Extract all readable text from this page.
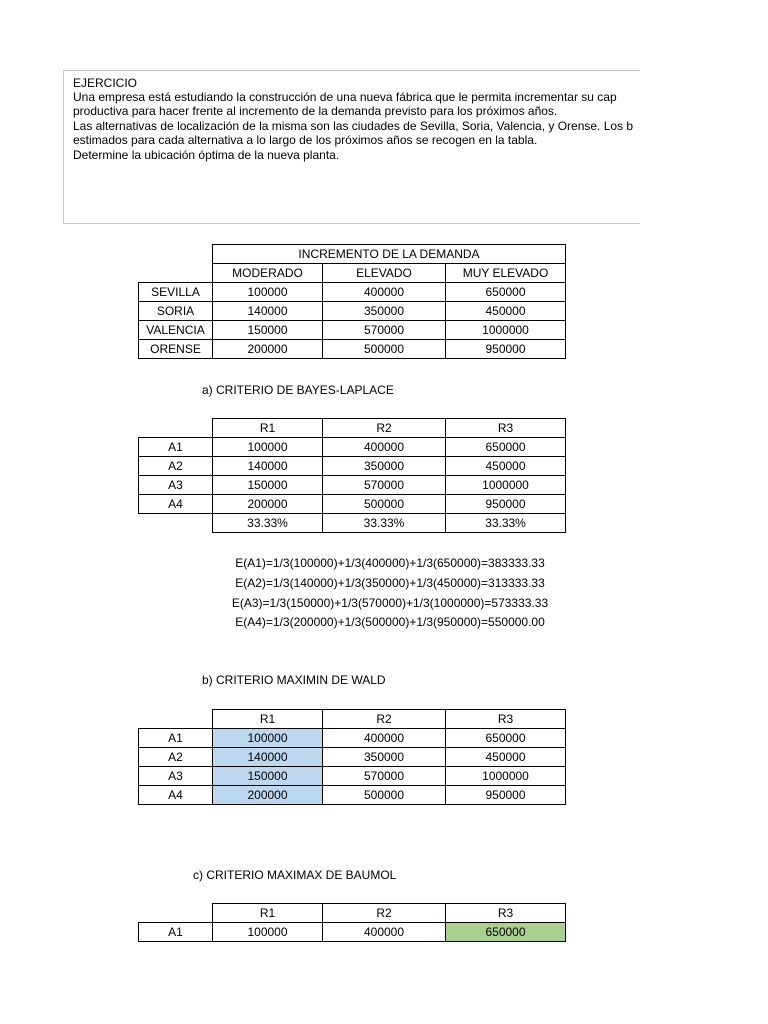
EJERCICIO
Una empresa está estudiando la construcción de una nueva fábrica que le permita incrementar su cap
productiva para hacer frente al incremento de la demanda previsto para los próximos años.
Las alternativas de localización de la misma son las ciudades de Sevilla, Soria, Valencia, y Orense. Los b
estimados para cada alternativa a lo largo de los próximos años se recogen en la tabla.
Determine la ubicación óptima de la nueva planta.
	INCREMENTO DE LA DEMANDA		
	MODERADO	ELEVADO	MUY ELEVADO
SEVILLA	100000	400000	650000
SORIA	140000	350000	450000
VALENCIA	150000	570000	1000000
ORENSE	200000	500000	950000
a) CRITERIO DE BAYES-LAPLACE
	R1	R2	R3
A1	100000	400000	650000
A2	140000	350000	450000
A3	150000	570000	1000000
A4	200000	500000	950000
	33.33%	33.33%	33.33%
E(A1)=1/3(100000)+1/3(400000)+1/3(650000)=383333.33
E(A2)=1/3(140000)+1/3(350000)+1/3(450000)=313333.33
E(A3)=1/3(150000)+1/3(570000)+1/3(1000000)=573333.33
E(A4)=1/3(200000)+1/3(500000)+1/3(950000)=550000.00
b) CRITERIO MAXIMIN DE WALD
	R1	R2	R3
A1	100000	400000	650000
A2	140000	350000	450000
A3	150000	570000	1000000
A4	200000	500000	950000
c) CRITERIO MAXIMAX DE BAUMOL
	R1	R2	R3
A1	100000	400000	650000
